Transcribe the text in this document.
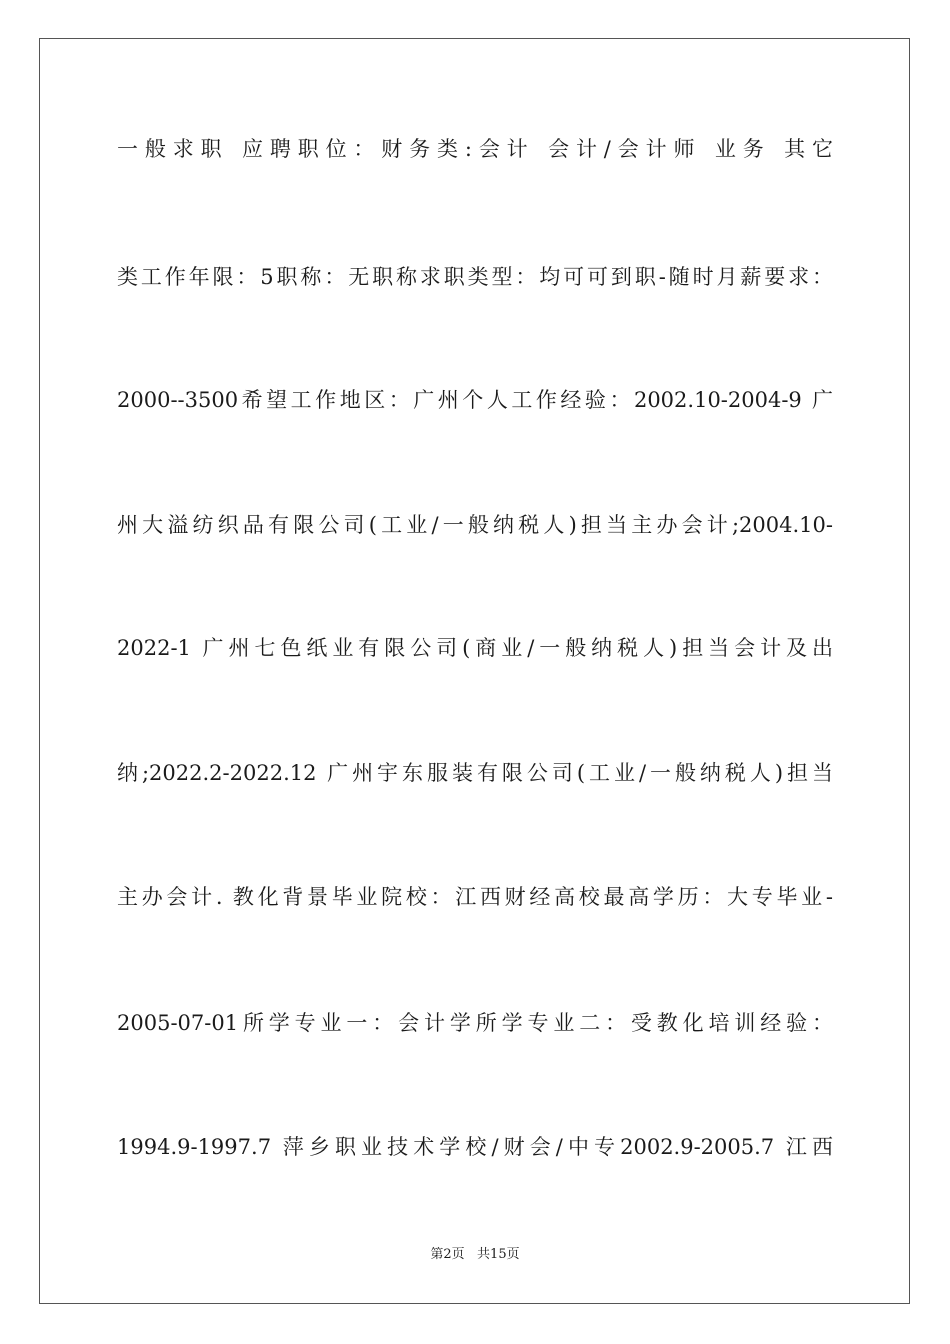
一般求职 应聘职位：财务类:会计 会计/会计师 业务 其它
类工作年限：5职称：无职称求职类型：均可可到职-随时月薪要求：
2000--3500希望工作地区：广州个人工作经验：2002.10-2004-9 广
州大溢纺织品有限公司(工业/一般纳税人)担当主办会计;2004.10-
2022-1 广州七色纸业有限公司(商业/一般纳税人)担当会计及出
纳;2022.2-2022.12 广州宇东服装有限公司(工业/一般纳税人)担当
主办会计. 教化背景毕业院校：江西财经高校最高学历：大专毕业-
2005-07-01所学专业一：会计学所学专业二：受教化培训经验：
1994.9-1997.7 萍乡职业技术学校/财会/中专2002.9-2005.7 江西
第2页   共15页
